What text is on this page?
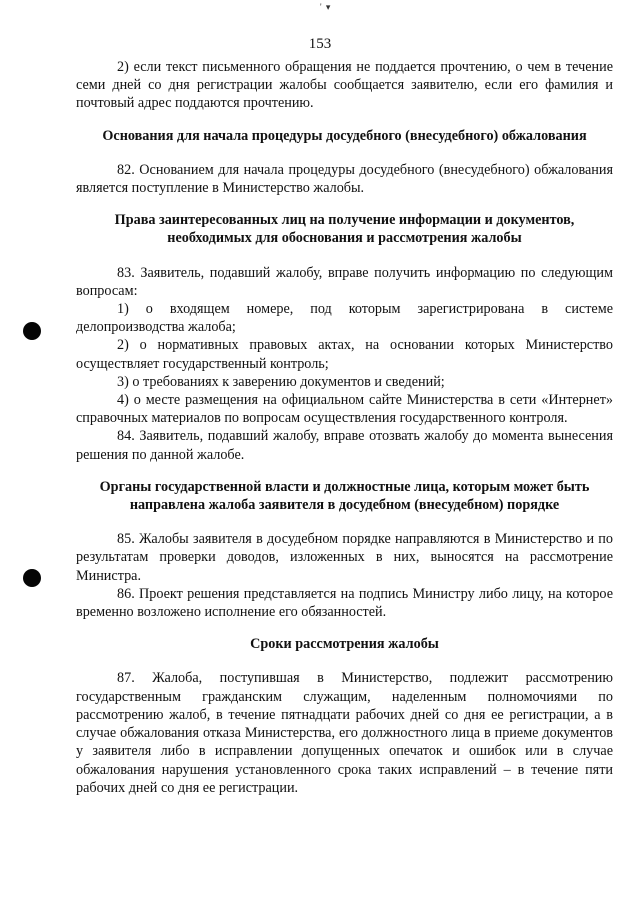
' ▾
153

2) если текст письменного обращения не поддается прочтению, о чем в течение семи дней со дня регистрации жалобы сообщается заявителю, если его фамилия и почтовый адрес поддаются прочтению.

Основания для начала процедуры досудебного (внесудебного) обжалования

82. Основанием для начала процедуры досудебного (внесудебного) обжалования является поступление в Министерство жалобы.

Права заинтересованных лиц на получение информации и документов, необходимых для обоснования и рассмотрения жалобы

83. Заявитель, подавший жалобу, вправе получить информацию по следующим вопросам:

1) о входящем номере, под которым зарегистрирована в системе делопроизводства жалоба;

2) о нормативных правовых актах, на основании которых Министерство осуществляет государственный контроль;

3) о требованиях к заверению документов и сведений;

4) о месте размещения на официальном сайте Министерства в сети «Интернет» справочных материалов по вопросам осуществления государственного контроля.

84. Заявитель, подавший жалобу, вправе отозвать жалобу до момента вынесения решения по данной жалобе.

Органы государственной власти и должностные лица, которым может быть направлена жалоба заявителя в досудебном (внесудебном) порядке

85. Жалобы заявителя в досудебном порядке направляются в Министерство и по результатам проверки доводов, изложенных в них, выносятся на рассмотрение Министра.

86. Проект решения представляется на подпись Министру либо лицу, на которое временно возложено исполнение его обязанностей.

Сроки рассмотрения жалобы

87. Жалоба, поступившая в Министерство, подлежит рассмотрению государственным гражданским служащим, наделенным полномочиями по рассмотрению жалоб, в течение пятнадцати рабочих дней со дня ее регистрации, а в случае обжалования отказа Министерства, его должностного лица в приеме документов у заявителя либо в исправлении допущенных опечаток и ошибок или в случае обжалования нарушения установленного срока таких исправлений – в течение пяти рабочих дней со дня ее регистрации.
